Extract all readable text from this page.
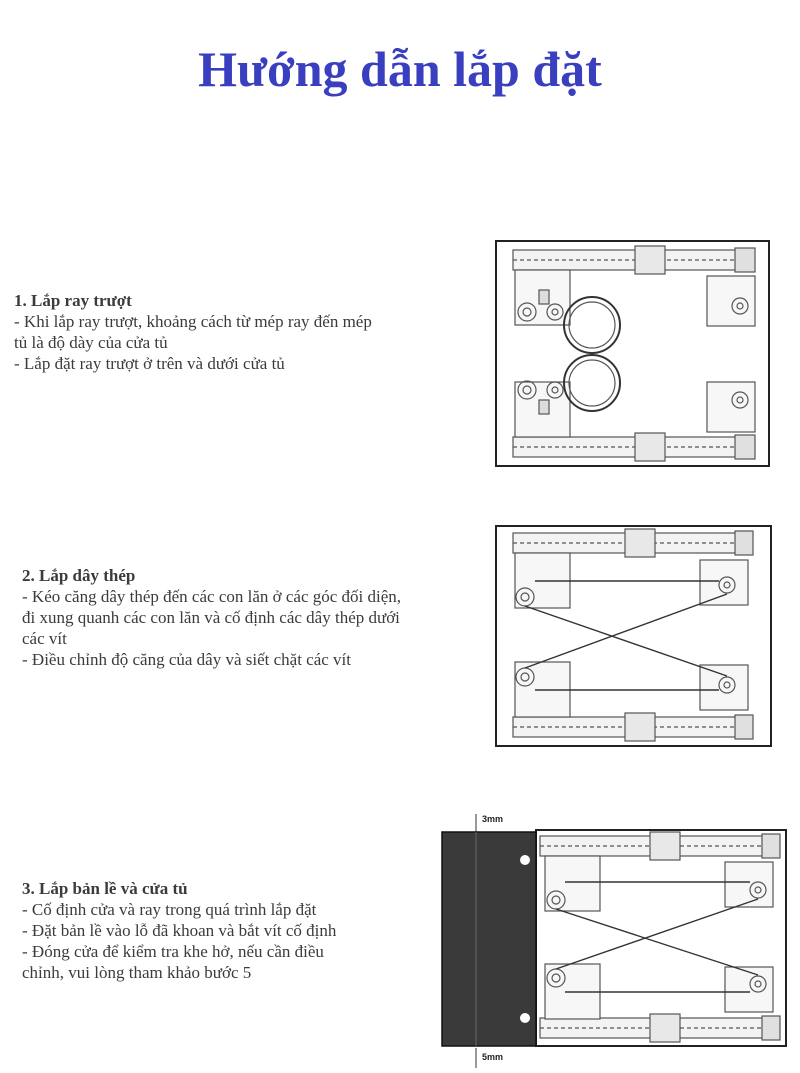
Hướng dẫn lắp đặt

1. Lắp ray trượt

- Khi lắp ray trượt, khoảng cách từ mép ray đến mép

tủ là độ dày của cửa tủ

- Lắp đặt ray trượt ở trên và dưới cửa tủ

2. Lắp dây thép

- Kéo căng dây thép đến các con lăn ở các góc đối diện,

đi xung quanh các con lăn và cố định các dây thép dưới

các vít

- Điều chỉnh độ căng của dây và siết chặt các vít

3. Lắp bản lề và cửa tủ

- Cố định cửa và ray trong quá trình lắp đặt

- Đặt bản lề vào lỗ đã khoan và bắt vít cố định

- Đóng cửa để kiểm tra khe hở, nếu cần điều

chỉnh, vui lòng tham khảo bước 5

3mm
5mm
